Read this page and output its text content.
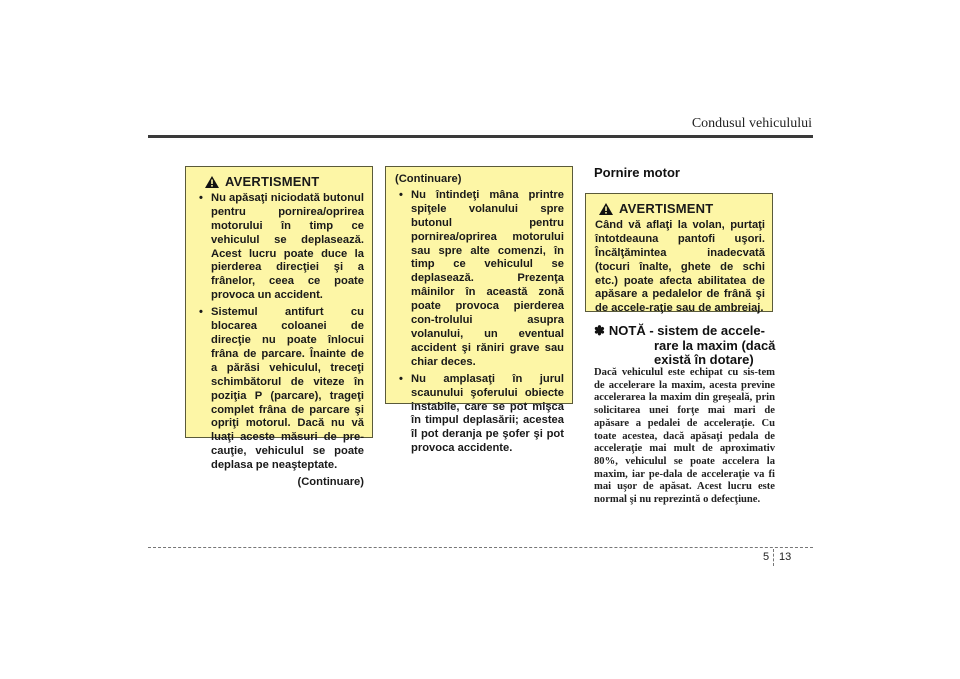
Condusul vehiculului
AVERTISMENT
• Nu apăsaţi niciodată butonul pentru pornirea/oprirea motorului în timp ce vehiculul se deplasează. Acest lucru poate duce la pierderea direcţiei şi a frânelor, ceea ce poate provoca un accident.
• Sistemul antifurt cu blocarea coloanei de direcţie nu poate înlocui frâna de parcare. Înainte de a părăsi vehiculul, treceţi schimbătorul de viteze în poziţia P (parcare), trageţi complet frâna de parcare şi opriţi motorul. Dacă nu vă luaţi aceste măsuri de pre-cauţie, vehiculul se poate deplasa pe neaşteptate.

(Continuare)

(Continuare)

• Nu întindeţi mâna printre spiţele volanului spre butonul pentru pornirea/oprirea motorului sau spre alte comenzi, în timp ce vehiculul se deplasează. Prezenţa mâinilor în această zonă poate provoca pierderea con-trolului asupra volanului, un eventual accident şi răniri grave sau chiar deces.
• Nu amplasaţi în jurul scaunului şoferului obiecte instabile, care se pot mişca în timpul deplasării; acestea îl pot deranja pe şofer şi pot provoca accidente.
Pornire motor
AVERTISMENT

Când vă aflaţi la volan, purtaţi întotdeauna pantofi uşori. Încălţămintea inadecvată (tocuri înalte, ghete de schi etc.) poate afecta abilitatea de apăsare a pedalelor de frână şi de accele-raţie sau de ambreiaj.

✽ NOTĂ - sistem de accele-
rare la maxim (dacă
există în dotare)
Dacă vehiculul este echipat cu sis-tem de accelerare la maxim, acesta previne accelerarea la maxim din greşeală, prin solicitarea unei forţe mai mari de apăsare a pedalei de acceleraţie. Cu toate acestea, dacă apăsaţi pedala de acceleraţie mai mult de aproximativ 80%, vehiculul se poate accelera la maxim, iar pe-dala de acceleraţie va fi mai uşor de apăsat. Acest lucru este normal şi nu reprezintă o defecţiune.
5 13
